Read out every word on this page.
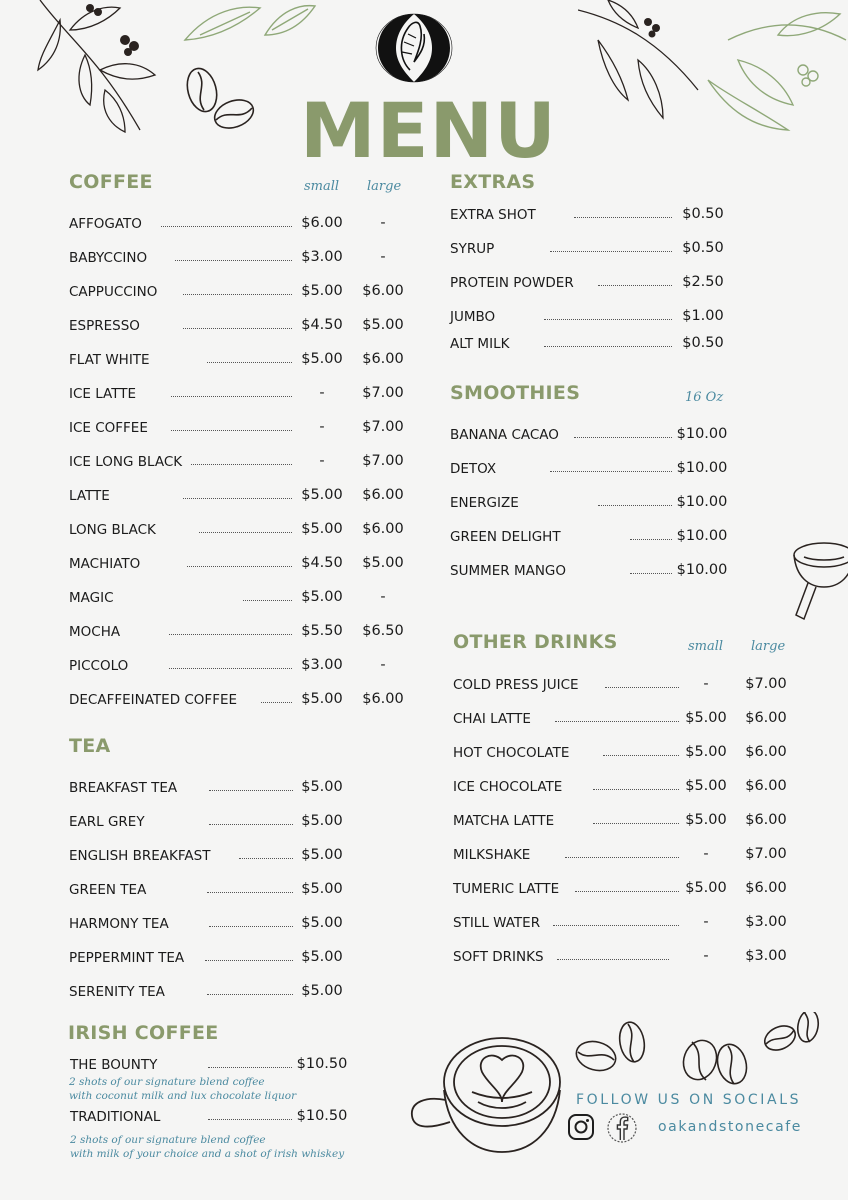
MENU
COFFEE	small large
TEA
IRISH COFFEE
EXTRAS
SMOOTHIES	16 Oz
OTHER DRINKS	small large
AFFOGATO	$6.00	-
BABYCCINO	$3.00	-
CAPPUCCINO	$5.00	$6.00
ESPRESSO	$4.50	$5.00
FLAT WHITE	$5.00	$6.00
ICE LATTE	-	$7.00
ICE COFFEE	-	$7.00
ICE LONG BLACK	-	$7.00
LATTE	$5.00	$6.00
LONG BLACK	$5.00	$6.00
MACHIATO	$4.50	$5.00
MAGIC	$5.00	-
MOCHA	$5.50	$6.50
PICCOLO	$3.00	-
DECAFFEINATED COFFEE	$5.00	$6.00
BREAKFAST TEA	$5.00
EARL GREY	$5.00
ENGLISH BREAKFAST	$5.00
GREEN TEA	$5.00
HARMONY TEA	$5.00
PEPPERMINT TEA	$5.00
SERENITY TEA	$5.00
THE BOUNTY	$10.50
TRADITIONAL	$10.50
EXTRA SHOT	$0.50
SYRUP	$0.50
PROTEIN POWDER	$2.50
JUMBO	$1.00
ALT MILK	$0.50
BANANA CACAO	$10.00
DETOX	$10.00
ENERGIZE	$10.00
GREEN DELIGHT	$10.00
SUMMER MANGO	$10.00
COLD PRESS JUICE	-	$7.00
CHAI LATTE	$5.00	$6.00
HOT CHOCOLATE	$5.00	$6.00
ICE CHOCOLATE	$5.00	$6.00
MATCHA LATTE	$5.00	$6.00
MILKSHAKE	-	$7.00
TUMERIC LATTE	$5.00	$6.00
STILL WATER	-	$3.00
SOFT DRINKS	-	$3.00
2 shots of our signature blend coffee
with coconut milk and lux chocolate liquor
2 shots of our signature blend coffee
with milk of your choice and a shot of irish whiskey
FOLLOW US ON SOCIALS
oakandstonecafe
